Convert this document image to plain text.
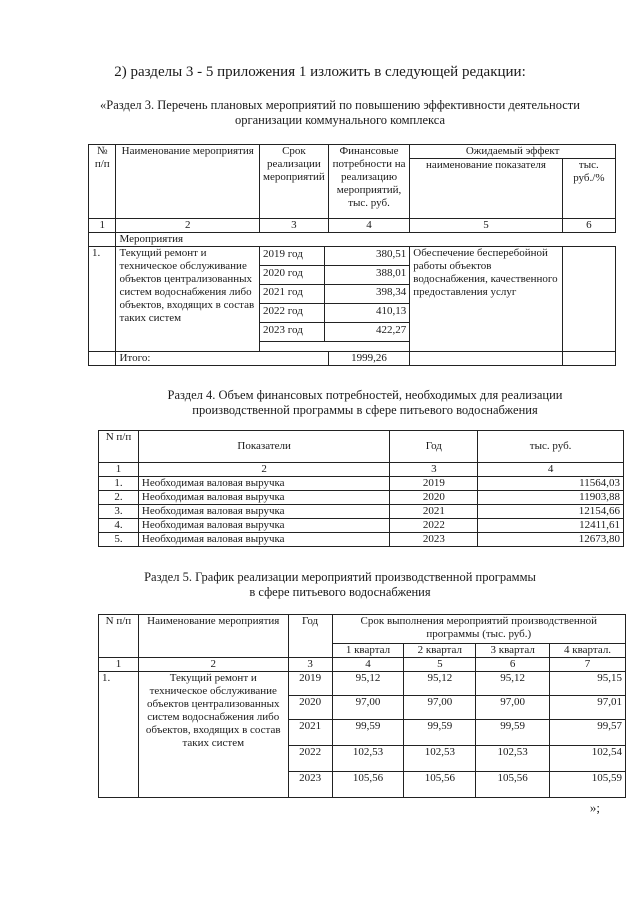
2) разделы 3 - 5 приложения 1 изложить в следующей редакции:
«Раздел 3. Перечень плановых мероприятий по повышению эффективности деятельности
организации коммунального комплекса
№ п/п	Наименование мероприятия	Срок реализации мероприятий	Финансовые потребности на реализацию мероприятий, тыс. руб.	Ожидаемый эффект
наименование показателя	тыс. руб./%
1	2	3	4	5	6
	Мероприятия
1.	Текущий ремонт и техническое обслуживание объектов централизованных систем водоснабжения либо объектов, входящих в состав таких систем	
2019 год	380,51
2020 год	388,01
2021 год	398,34
2022 год	410,13
2023 год	422,27
	Обеспечение бесперебойной работы объектов водоснабжения, качественного предоставления услуг	
	Итого:	1999,26		
Раздел 4. Объем финансовых потребностей, необходимых для реализации
производственной программы в сфере питьевого водоснабжения
N п/п	Показатели	Год	тыс. руб.
1	2	3	4
1.	Необходимая валовая выручка	2019	11564,03
2.	Необходимая валовая выручка	2020	11903,88
3.	Необходимая валовая выручка	2021	12154,66
4.	Необходимая валовая выручка	2022	12411,61
5.	Необходимая валовая выручка	2023	12673,80
Раздел 5. График реализации мероприятий производственной программы
в сфере питьевого водоснабжения
N п/п	Наименование мероприятия	Год	Срок выполнения мероприятий производственной программы (тыс. руб.)			
			1 квартал	2 квартал	3 квартал	4 квартал.
1	2	3	4	5	6	7
1.	Текущий ремонт и техническое обслуживание объектов централизованных систем водоснабжения либо объектов, входящих в состав таких систем	2019	95,12	95,12	95,12	95,15
		2020	97,00	97,00	97,00	97,01
		2021	99,59	99,59	99,59	99,57
		2022	102,53	102,53	102,53	102,54
		2023	105,56	105,56	105,56	105,59
»;
